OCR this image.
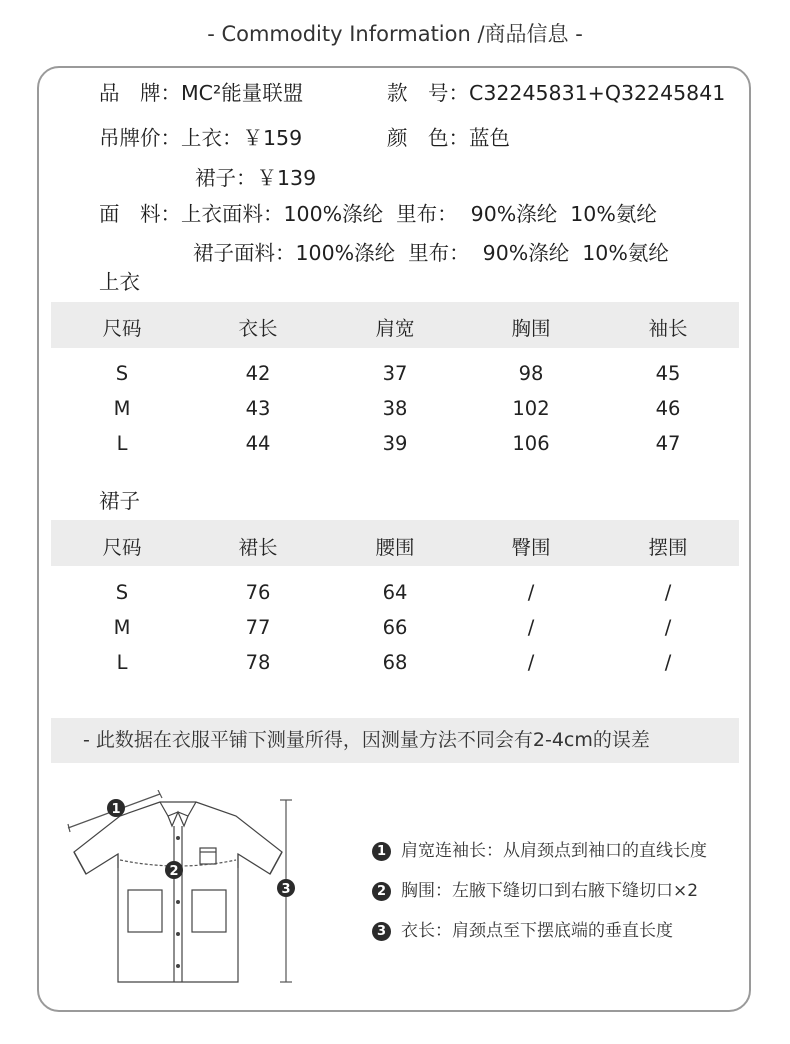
- Commodity Information /商品信息 -
品　牌：MC²能量联盟	款　号：C32245831+Q32245841
吊牌价：上衣：￥159	颜　色：蓝色
裙子：￥139
面　料：上衣面料：100%涤纶  里布：  90%涤纶  10%氨纶
裙子面料：100%涤纶  里布：  90%涤纶  10%氨纶
上衣
尺码	衣长	肩宽	胸围	袖长
S	42	37	98	45
M	43	38	102	46
L	44	39	106	47
裙子
尺码	裙长	腰围	臀围	摆围
S	76	64	/	/
M	77	66	/	/
L	78	68	/	/
- 此数据在衣服平铺下测量所得，因测量方法不同会有2-4cm的误差
1
2
3
1 肩宽连袖长：从肩颈点到袖口的直线长度
2 胸围：左腋下缝切口到右腋下缝切口×2
3 衣长：肩颈点至下摆底端的垂直长度
